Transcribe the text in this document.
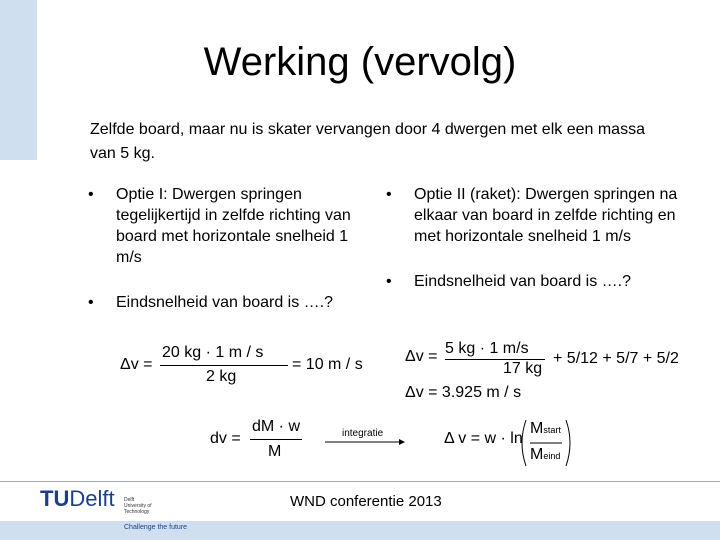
Werking (vervolg)
Zelfde board, maar nu is skater vervangen door 4 dwergen met elk een massa van 5 kg.
• Optie I: Dwergen springen tegelijkertijd in zelfde richting van board met horizontale snelheid 1 m/s
• Eindsnelheid van board is ….?
• Optie II (raket): Dwergen springen na elkaar van board in zelfde richting en met horizontale snelheid 1 m/s
• Eindsnelheid van board is ….?
Δv =
20 kg · 1 m / s
2 kg
= 10 m / s	Δv = 5 kg · 1 m/s
17 kg
+ 5/12 + 5/7 + 5/2
Δv = 3.925 m / s
dv =
dM · w
M
integratie	Δ v = w · ln
Mstart
Meind
TUDelft Delft
University of
Technology
Challenge the future
WND conferentie 2013
